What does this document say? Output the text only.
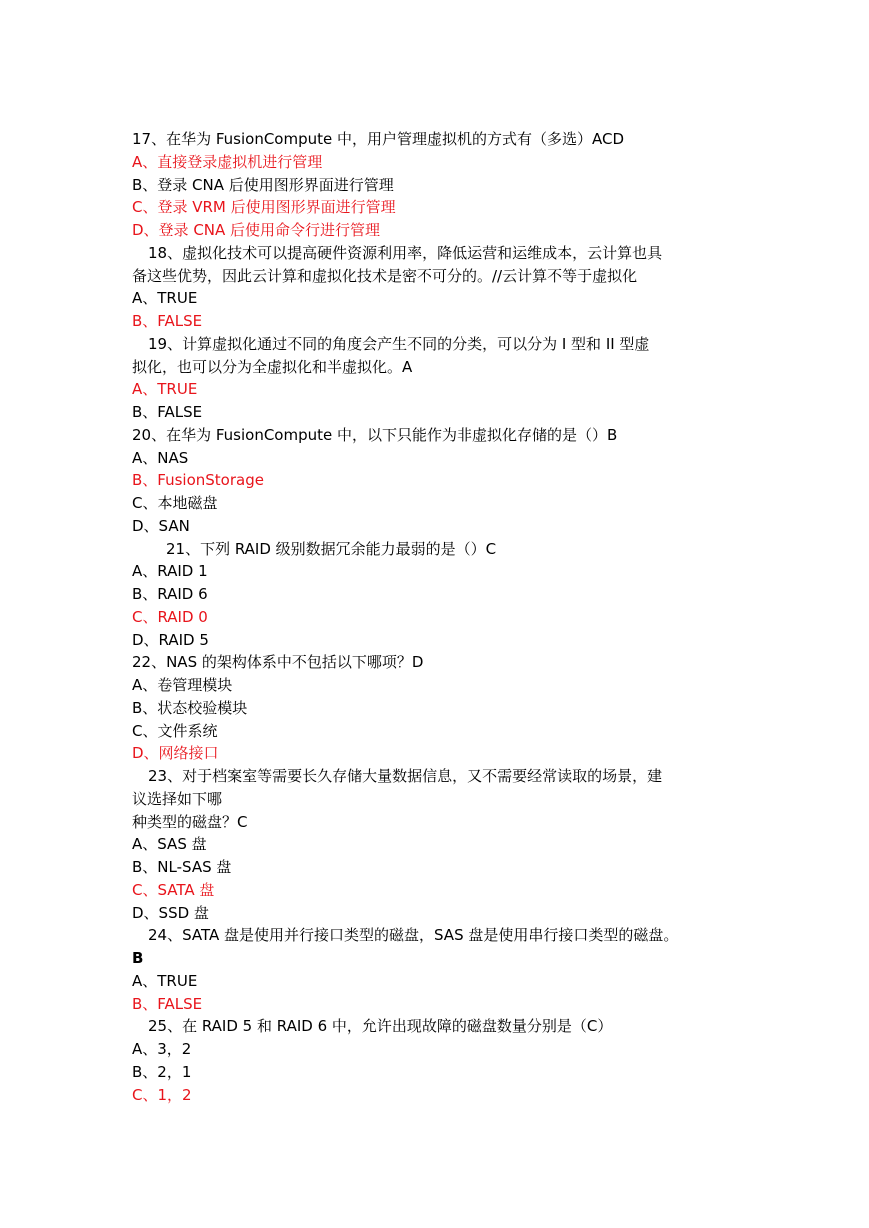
17、在华为 FusionCompute 中，用户管理虚拟机的方式有（多选）ACD
A、直接登录虚拟机进行管理
B、登录 CNA 后使用图形界面进行管理
C、登录 VRM 后使用图形界面进行管理
D、登录 CNA 后使用命令行进行管理
18、虚拟化技术可以提高硬件资源利用率，降低运营和运维成本，云计算也具
备这些优势，因此云计算和虚拟化技术是密不可分的。//云计算不等于虚拟化
A、TRUE
B、FALSE
19、计算虚拟化通过不同的角度会产生不同的分类，可以分为 I 型和 II 型虚
拟化，也可以分为全虚拟化和半虚拟化。A
A、TRUE
B、FALSE
20、在华为 FusionCompute 中，以下只能作为非虚拟化存储的是（）B
A、NAS
B、FusionStorage
C、本地磁盘
D、SAN
21、下列 RAID 级别数据冗余能力最弱的是（）C
A、RAID 1
B、RAID 6
C、RAID 0
D、RAID 5
22、NAS 的架构体系中不包括以下哪项？D
A、卷管理模块
B、状态校验模块
C、文件系统
D、网络接口
23、对于档案室等需要长久存储大量数据信息，又不需要经常读取的场景，建
议选择如下哪
种类型的磁盘？C
A、SAS 盘
B、NL-SAS 盘
C、SATA 盘
D、SSD 盘
24、SATA 盘是使用并行接口类型的磁盘，SAS 盘是使用串行接口类型的磁盘。
B
A、TRUE
B、FALSE
25、在 RAID 5 和 RAID 6 中，允许出现故障的磁盘数量分别是（C）
A、3，2
B、2，1
C、1，2
